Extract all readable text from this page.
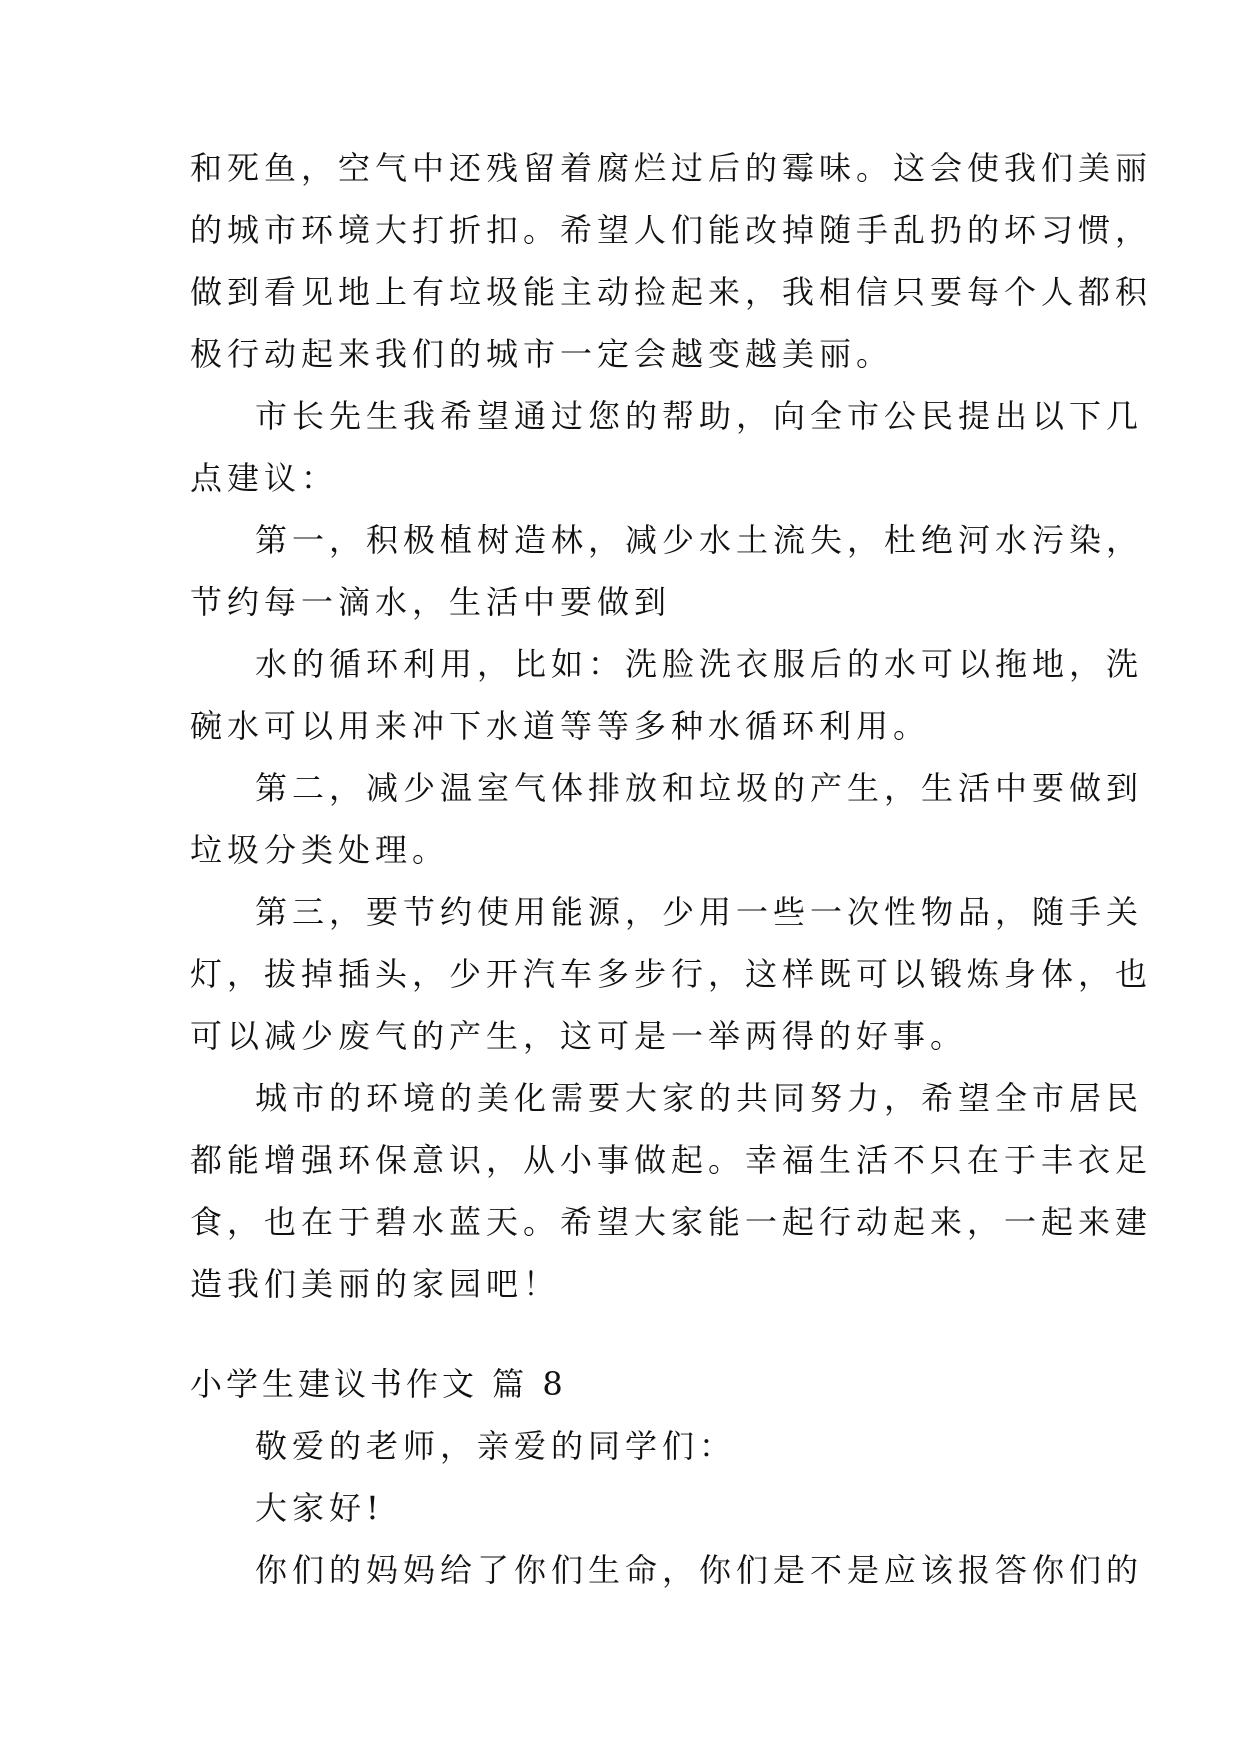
和死鱼，空气中还残留着腐烂过后的霉味。这会使我们美丽
的城市环境大打折扣。希望人们能改掉随手乱扔的坏习惯，
做到看见地上有垃圾能主动捡起来，我相信只要每个人都积
极行动起来我们的城市一定会越变越美丽。
市长先生我希望通过您的帮助，向全市公民提出以下几
点建议：
第一，积极植树造林，减少水土流失，杜绝河水污染，
节约每一滴水，生活中要做到
水的循环利用，比如：洗脸洗衣服后的水可以拖地，洗
碗水可以用来冲下水道等等多种水循环利用。
第二，减少温室气体排放和垃圾的产生，生活中要做到
垃圾分类处理。
第三，要节约使用能源，少用一些一次性物品，随手关
灯，拔掉插头，少开汽车多步行，这样既可以锻炼身体，也
可以减少废气的产生，这可是一举两得的好事。
城市的环境的美化需要大家的共同努力，希望全市居民
都能增强环保意识，从小事做起。幸福生活不只在于丰衣足
食，也在于碧水蓝天。希望大家能一起行动起来，一起来建
造我们美丽的家园吧！
小学生建议书作文 篇 8
敬爱的老师，亲爱的同学们：
大家好!
你们的妈妈给了你们生命，你们是不是应该报答你们的
